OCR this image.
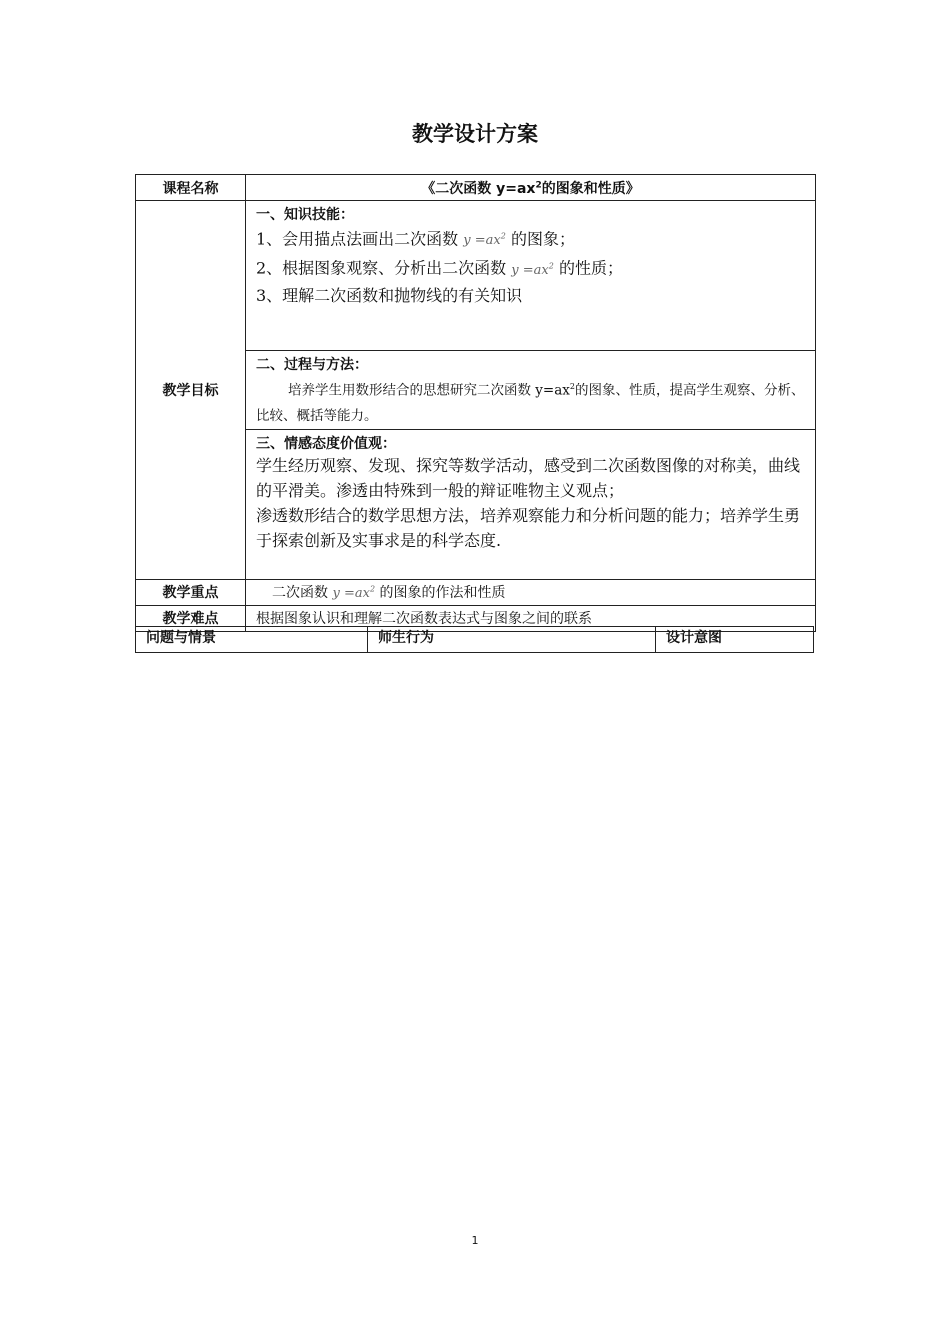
教学设计方案
课程名称	《二次函数 $y=ax^2$的图象和性质》
教学目标	一、知识技能：
1、会用描点法画出二次函数 $y =ax^2$ 的图象；
2、根据图象观察、分析出二次函数 $y =ax^2$ 的性质；
3、理解二次函数和抛物线的有关知识

	二、过程与方法：
培养学生用数形结合的思想研究二次函数 $y=ax^2$的图象、性质，提高学生观察、分析、比较、概括等能力。

	三、情感态度价值观：
学生经历观察、发现、探究等数学活动，感受到二次函数图像的对称美，曲线的平滑美。渗透由特殊到一般的辩证唯物主义观点；
渗透数形结合的数学思想方法，培养观察能力和分析问题的能力；培养学生勇于探索创新及实事求是的科学态度.

教学重点	二次函数 $y =ax^2$ 的图象的作法和性质
教学难点	根据图象认识和理解二次函数表达式与图象之间的联系
问题与情景	师生行为	设计意图
1
